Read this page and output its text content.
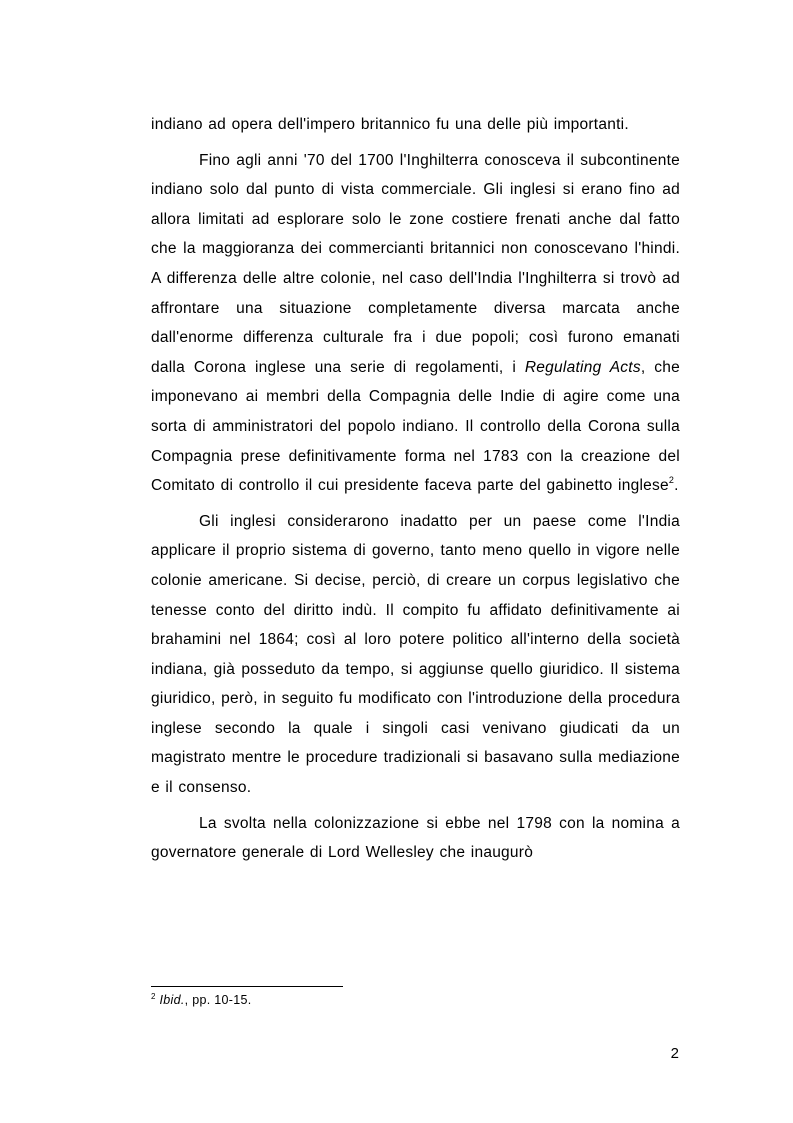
indiano ad opera dell'impero britannico fu una delle più importanti.

Fino agli anni '70 del 1700 l'Inghilterra conosceva il subcontinente indiano solo dal punto di vista commerciale. Gli inglesi si erano fino ad allora limitati ad esplorare solo le zone costiere frenati anche dal fatto che la maggioranza dei commercianti britannici non conoscevano l'hindi. A differenza delle altre colonie, nel caso dell'India l'Inghilterra si trovò ad affrontare una situazione completamente diversa marcata anche dall'enorme differenza culturale fra i due popoli; così furono emanati dalla Corona inglese una serie di regolamenti, i Regulating Acts, che imponevano ai membri della Compagnia delle Indie di agire come una sorta di amministratori del popolo indiano. Il controllo della Corona sulla Compagnia prese definitivamente forma nel 1783 con la creazione del Comitato di controllo il cui presidente faceva parte del gabinetto inglese$^2$.

Gli inglesi considerarono inadatto per un paese come l'India applicare il proprio sistema di governo, tanto meno quello in vigore nelle colonie americane. Si decise, perciò, di creare un corpus legislativo che tenesse conto del diritto indù. Il compito fu affidato definitivamente ai brahamini nel 1864; così al loro potere politico all'interno della società indiana, già posseduto da tempo, si aggiunse quello giuridico. Il sistema giuridico, però, in seguito fu modificato con l'introduzione della procedura inglese secondo la quale i singoli casi venivano giudicati da un magistrato mentre le procedure tradizionali si basavano sulla mediazione e il consenso.

La svolta nella colonizzazione si ebbe nel 1798 con la nomina a governatore generale di Lord Wellesley che inaugurò

$^2$ Ibid., pp. 10-15.
2
